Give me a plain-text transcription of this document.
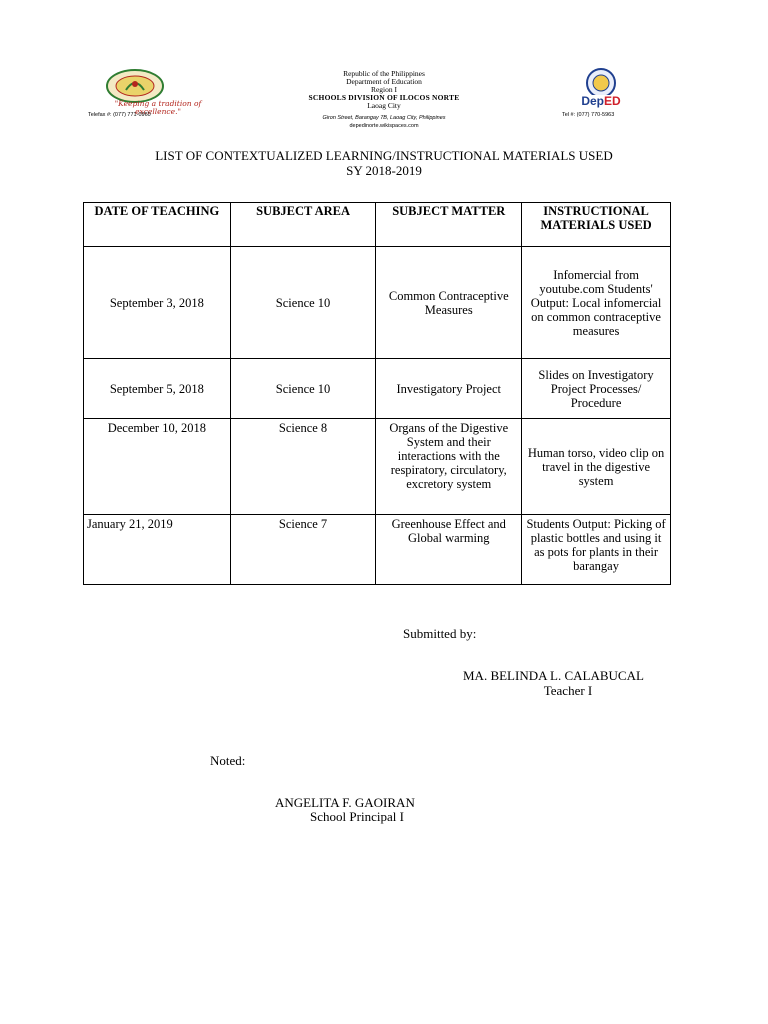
"Keeping a tradition of excellence."
Telefax #: (077) 771-0960
Republic of the Philippines
Department of Education
Region I
SCHOOLS DIVISION OF ILOCOS NORTE
Laoag City
Giron Street, Barangay 7B, Laoag City, Philippines
depedinorte.wikispaces.com
DepED
Tel #: (077) 770-5963
LIST OF CONTEXTUALIZED LEARNING/INSTRUCTIONAL MATERIALS USED
SY 2018-2019
DATE OF TEACHING	SUBJECT AREA	SUBJECT MATTER	INSTRUCTIONAL MATERIALS USED
September 3, 2018	Science 10	Common Contraceptive Measures	Infomercial from youtube.com Students' Output: Local infomercial on common contraceptive measures
September 5, 2018	Science 10	Investigatory Project	Slides on Investigatory Project Processes/ Procedure
December 10, 2018	Science 8	Organs of the Digestive System and their interactions with the respiratory, circulatory, excretory system	Human torso, video clip on travel in the digestive system
January 21, 2019	Science 7	Greenhouse Effect and Global warming	Students Output: Picking of plastic bottles and using it as pots for plants in their barangay
Submitted by:
MA. BELINDA L. CALABUCAL
Teacher I
Noted:
ANGELITA F. GAOIRAN
School Principal I
